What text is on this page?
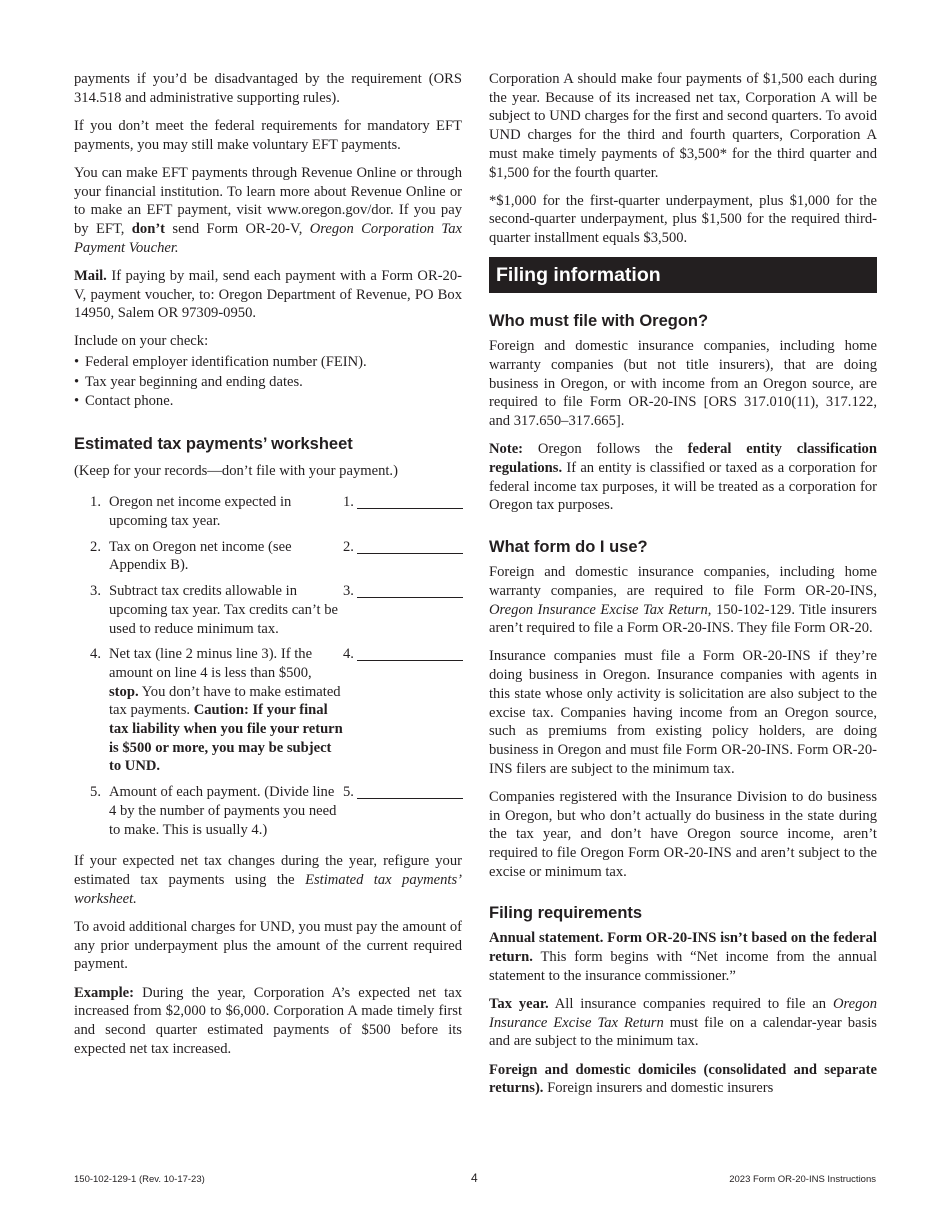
payments if you’d be disadvantaged by the requirement (ORS 314.518 and administrative supporting rules).

If you don’t meet the federal requirements for mandatory EFT payments, you may still make voluntary EFT payments.

You can make EFT payments through Revenue Online or through your financial institution. To learn more about Revenue Online or to make an EFT payment, visit www.oregon.gov/dor. If you pay by EFT, don’t send Form OR-20-V, Oregon Corporation Tax Payment Voucher.

Mail. If paying by mail, send each payment with a Form OR-20-V, payment voucher, to: Oregon Department of Revenue, PO Box 14950, Salem OR 97309-0950.

Include on your check:

• Federal employer identification number (FEIN).
• Tax year beginning and ending dates.
• Contact phone.
Estimated tax payments’ worksheet

(Keep for your records—don’t file with your payment.)

1. Oregon net income expected in upcoming tax year.
1.
2. Tax on Oregon net income (see Appendix B).
2.
3. Subtract tax credits allowable in upcoming tax year. Tax credits can’t be used to reduce minimum tax.
3.
4. Net tax (line 2 minus line 3). If the amount on line 4 is less than $500, stop. You don’t have to make estimated tax payments. Caution: If your final tax liability when you file your return is $500 or more, you may be subject to UND.
4.
5. Amount of each payment. (Divide line 4 by the number of payments you need to make. This is usually 4.)
5.

If your expected net tax changes during the year, refigure your estimated tax payments using the Estimated tax payments’ worksheet.

To avoid additional charges for UND, you must pay the amount of any prior underpayment plus the amount of the current required payment.

Example: During the year, Corporation A’s expected net tax increased from $2,000 to $6,000. Corporation A made timely first and second quarter estimated payments of $500 before its expected net tax increased.

Corporation A should make four payments of $1,500 each during the year. Because of its increased net tax, Corporation A will be subject to UND charges for the first and second quarters. To avoid UND charges for the third and fourth quarters, Corporation A must make timely payments of $3,500* for the third quarter and $1,500 for the fourth quarter.

*$1,000 for the first-quarter underpayment, plus $1,000 for the second-quarter underpayment, plus $1,500 for the required third-quarter installment equals $3,500.

Filing information
Who must file with Oregon?

Foreign and domestic insurance companies, including home warranty companies (but not title insurers), that are doing business in Oregon, or with income from an Oregon source, are required to file Form OR-20-INS [ORS 317.010(11), 317.122, and 317.650–317.665].

Note: Oregon follows the federal entity classification regulations. If an entity is classified or taxed as a corporation for federal income tax purposes, it will be treated as a corporation for Oregon tax purposes.

What form do I use?

Foreign and domestic insurance companies, including home warranty companies, are required to file Form OR-20-INS, Oregon Insurance Excise Tax Return, 150-102-129. Title insurers aren’t required to file a Form OR-20-INS. They file Form OR-20.

Insurance companies must file a Form OR-20-INS if they’re doing business in Oregon. Insurance companies with agents in this state whose only activity is solicitation are also subject to the excise tax. Companies having income from an Oregon source, such as premiums from existing policy holders, are doing business in Oregon and must file Form OR-20-INS. Form OR-20-INS filers are subject to the minimum tax.

Companies registered with the Insurance Division to do business in Oregon, but who don’t actually do business in the state during the tax year, and don’t have Oregon source income, aren’t required to file Oregon Form OR-20-INS and aren’t subject to the excise or minimum tax.

Filing requirements

Annual statement. Form OR-20-INS isn’t based on the federal return. This form begins with “Net income from the annual statement to the insurance commissioner.”

Tax year. All insurance companies required to file an Oregon Insurance Excise Tax Return must file on a calendar-year basis and are subject to the minimum tax.

Foreign and domestic domiciles (consolidated and separate returns). Foreign insurers and domestic insurers

150-102-129-1 (Rev. 10-17-23)	4	2023 Form OR-20-INS Instructions
